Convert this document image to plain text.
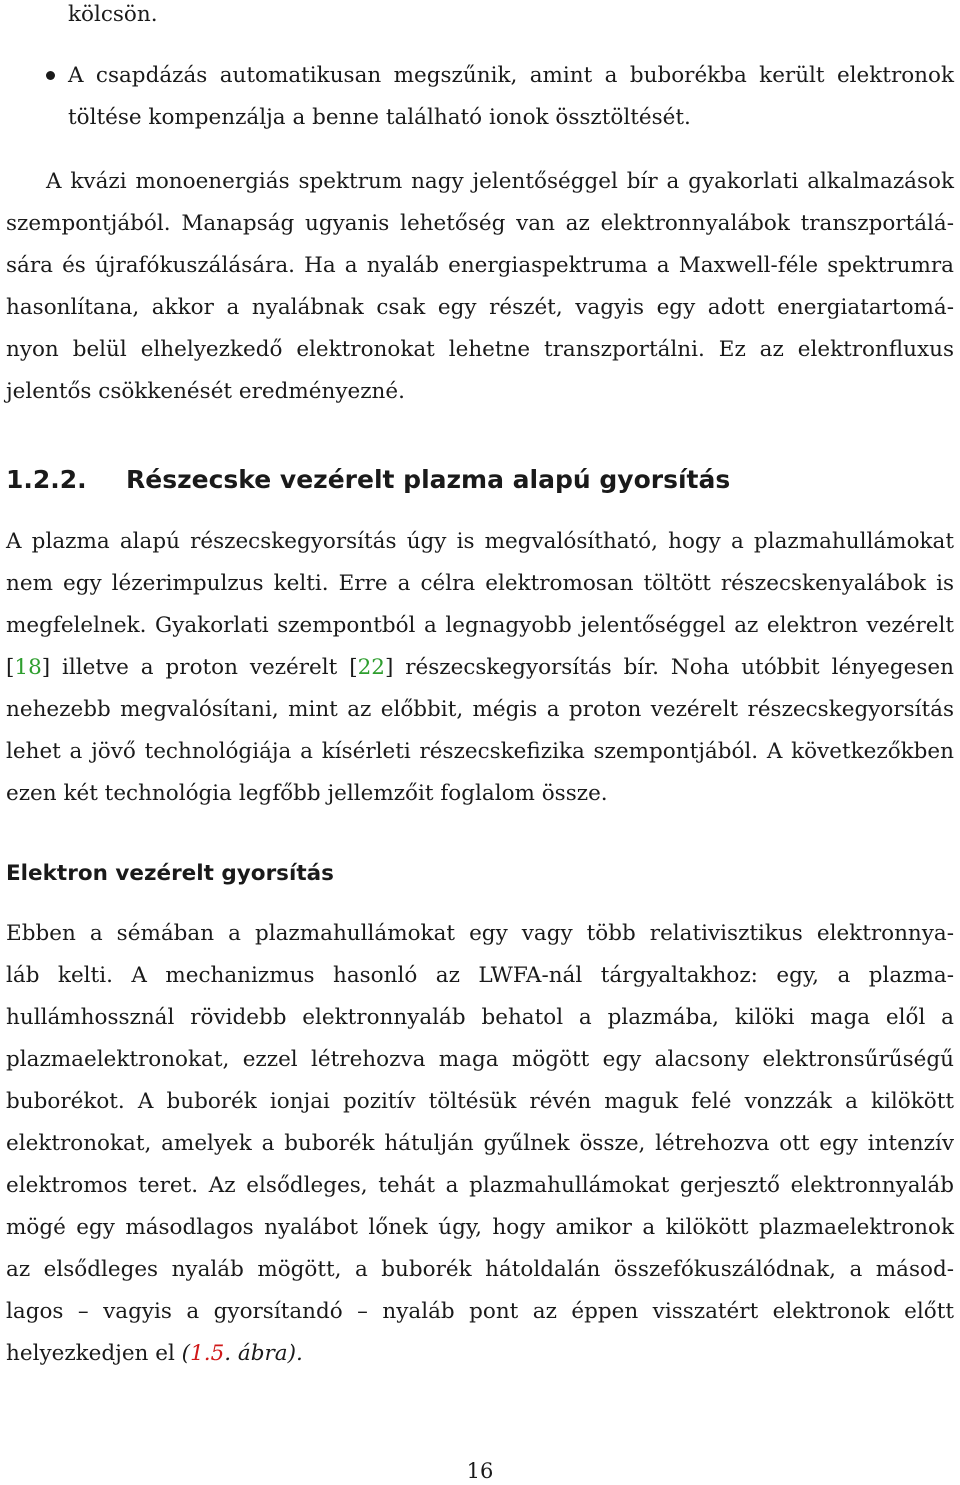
kölcsön.
A csapdázás automatikusan megszűnik, amint a buborékba került elektronok
töltése kompenzálja a benne található ionok össztöltését.
A kvázi monoenergiás spektrum nagy jelentőséggel bír a gyakorlati alkalmazások
szempontjából. Manapság ugyanis lehetőség van az elektronnyalábok transzportálá-
sára és újrafókuszálására. Ha a nyaláb energiaspektruma a Maxwell-féle spektrumra
hasonlítana, akkor a nyalábnak csak egy részét, vagyis egy adott energiatartomá-
nyon belül elhelyezkedő elektronokat lehetne transzportálni. Ez az elektronfluxus
jelentős csökkenését eredményezné.
1.2.2. Részecske vezérelt plazma alapú gyorsítás
A plazma alapú részecskegyorsítás úgy is megvalósítható, hogy a plazmahullámokat
nem egy lézerimpulzus kelti. Erre a célra elektromosan töltött részecskenyalábok is
megfelelnek. Gyakorlati szempontból a legnagyobb jelentőséggel az elektron vezérelt
[18] illetve a proton vezérelt [22] részecskegyorsítás bír. Noha utóbbit lényegesen
nehezebb megvalósítani, mint az előbbit, mégis a proton vezérelt részecskegyorsítás
lehet a jövő technológiája a kísérleti részecskefizika szempontjából. A következőkben
ezen két technológia legfőbb jellemzőit foglalom össze.
Elektron vezérelt gyorsítás
Ebben a sémában a plazmahullámokat egy vagy több relativisztikus elektronnya-
láb kelti. A mechanizmus hasonló az LWFA-nál tárgyaltakhoz: egy, a plazma-
hullámhossznál rövidebb elektronnyaláb behatol a plazmába, kilöki maga elől a
plazmaelektronokat, ezzel létrehozva maga mögött egy alacsony elektronsűrűségű
buborékot. A buborék ionjai pozitív töltésük révén maguk felé vonzzák a kilökött
elektronokat, amelyek a buborék hátulján gyűlnek össze, létrehozva ott egy intenzív
elektromos teret. Az elsődleges, tehát a plazmahullámokat gerjesztő elektronnyaláb
mögé egy másodlagos nyalábot lőnek úgy, hogy amikor a kilökött plazmaelektronok
az elsődleges nyaláb mögött, a buborék hátoldalán összefókuszálódnak, a másod-
lagos – vagyis a gyorsítandó – nyaláb pont az éppen visszatért elektronok előtt
helyezkedjen el (1.5. ábra).
16
